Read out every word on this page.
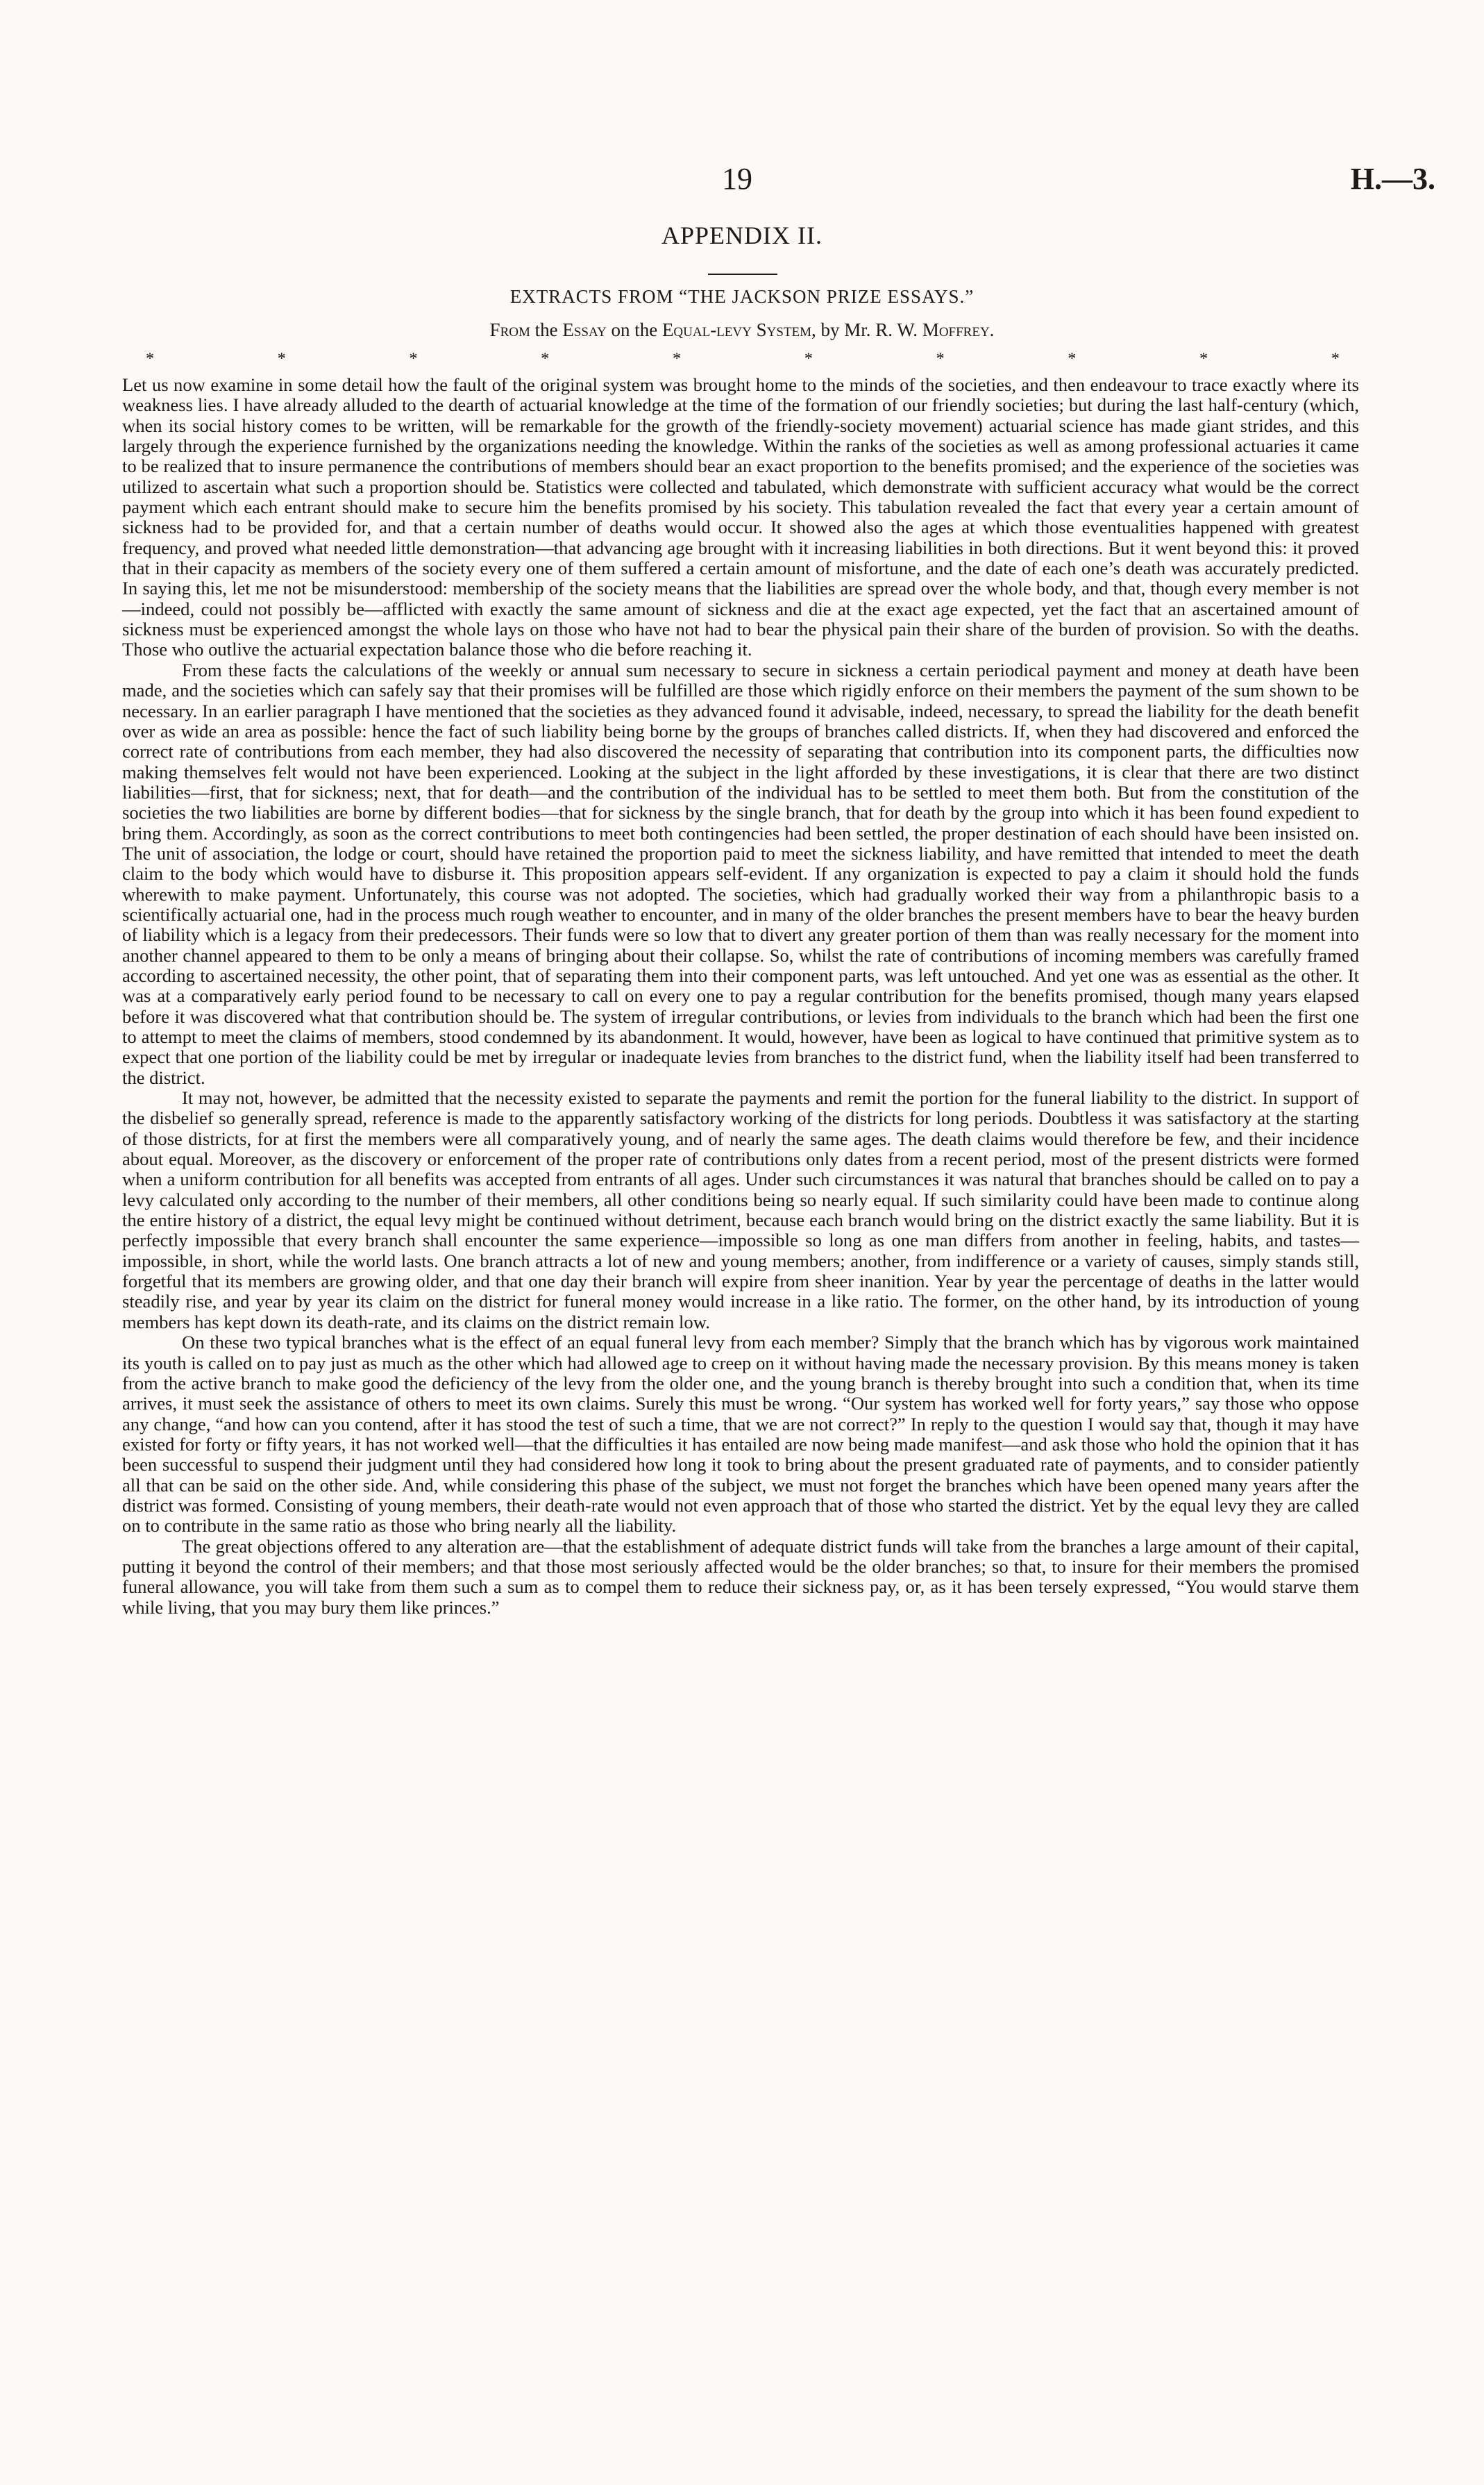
19	H.—3.
APPENDIX II.
EXTRACTS FROM “THE JACKSON PRIZE ESSAYS.”
From the Essay on the Equal-levy System, by Mr. R. W. Moffrey.
*	*	*	*	*	*	*	*	*	*

Let us now examine in some detail how the fault of the original system was brought home to the minds of the societies, and then endeavour to trace exactly where its weakness lies. I have already alluded to the dearth of actuarial knowledge at the time of the formation of our friendly societies; but during the last half-century (which, when its social history comes to be written, will be remarkable for the growth of the friendly-society movement) actuarial science has made giant strides, and this largely through the experience furnished by the organizations needing the knowledge. Within the ranks of the societies as well as among professional actuaries it came to be realized that to insure permanence the contributions of members should bear an exact proportion to the benefits promised; and the experience of the societies was utilized to ascertain what such a proportion should be. Statistics were collected and tabulated, which demonstrate with sufficient accuracy what would be the correct payment which each entrant should make to secure him the benefits promised by his society. This tabulation revealed the fact that every year a certain amount of sickness had to be provided for, and that a certain number of deaths would occur. It showed also the ages at which those eventualities happened with greatest frequency, and proved what needed little demonstration—that advancing age brought with it increasing liabilities in both directions. But it went beyond this: it proved that in their capacity as members of the society every one of them suffered a certain amount of misfortune, and the date of each one’s death was accurately predicted. In saying this, let me not be misunderstood: membership of the society means that the liabilities are spread over the whole body, and that, though every member is not—indeed, could not possibly be—afflicted with exactly the same amount of sickness and die at the exact age expected, yet the fact that an ascertained amount of sickness must be experienced amongst the whole lays on those who have not had to bear the physical pain their share of the burden of provision. So with the deaths. Those who outlive the actuarial expectation balance those who die before reaching it.

From these facts the calculations of the weekly or annual sum necessary to secure in sickness a certain periodical payment and money at death have been made, and the societies which can safely say that their promises will be fulfilled are those which rigidly enforce on their members the payment of the sum shown to be necessary. In an earlier paragraph I have mentioned that the societies as they advanced found it advisable, indeed, necessary, to spread the liability for the death benefit over as wide an area as possible: hence the fact of such liability being borne by the groups of branches called districts. If, when they had discovered and enforced the correct rate of contributions from each member, they had also discovered the necessity of separating that contribution into its component parts, the difficulties now making themselves felt would not have been experienced. Looking at the subject in the light afforded by these investigations, it is clear that there are two distinct liabilities—first, that for sickness; next, that for death—and the contribution of the individual has to be settled to meet them both. But from the constitution of the societies the two liabilities are borne by different bodies—that for sickness by the single branch, that for death by the group into which it has been found expedient to bring them. Accordingly, as soon as the correct contributions to meet both contingencies had been settled, the proper destination of each should have been insisted on. The unit of association, the lodge or court, should have retained the proportion paid to meet the sickness liability, and have remitted that intended to meet the death claim to the body which would have to disburse it. This proposition appears self-evident. If any organization is expected to pay a claim it should hold the funds wherewith to make payment. Unfortunately, this course was not adopted. The societies, which had gradually worked their way from a philanthropic basis to a scientifically actuarial one, had in the process much rough weather to encounter, and in many of the older branches the present members have to bear the heavy burden of liability which is a legacy from their predecessors. Their funds were so low that to divert any greater portion of them than was really necessary for the moment into another channel appeared to them to be only a means of bringing about their collapse. So, whilst the rate of contributions of incoming members was carefully framed according to ascertained necessity, the other point, that of separating them into their component parts, was left untouched. And yet one was as essential as the other. It was at a comparatively early period found to be necessary to call on every one to pay a regular contribution for the benefits promised, though many years elapsed before it was discovered what that contribution should be. The system of irregular contributions, or levies from individuals to the branch which had been the first one to attempt to meet the claims of members, stood condemned by its abandonment. It would, however, have been as logical to have continued that primitive system as to expect that one portion of the liability could be met by irregular or inadequate levies from branches to the district fund, when the liability itself had been transferred to the district.

It may not, however, be admitted that the necessity existed to separate the payments and remit the portion for the funeral liability to the district. In support of the disbelief so generally spread, reference is made to the apparently satisfactory working of the districts for long periods. Doubtless it was satisfactory at the starting of those districts, for at first the members were all comparatively young, and of nearly the same ages. The death claims would therefore be few, and their incidence about equal. Moreover, as the discovery or enforcement of the proper rate of contributions only dates from a recent period, most of the present districts were formed when a uniform contribution for all benefits was accepted from entrants of all ages. Under such circumstances it was natural that branches should be called on to pay a levy calculated only according to the number of their members, all other conditions being so nearly equal. If such similarity could have been made to continue along the entire history of a district, the equal levy might be continued without detriment, because each branch would bring on the district exactly the same liability. But it is perfectly impossible that every branch shall encounter the same experience—impossible so long as one man differs from another in feeling, habits, and tastes—impossible, in short, while the world lasts. One branch attracts a lot of new and young members; another, from indifference or a variety of causes, simply stands still, forgetful that its members are growing older, and that one day their branch will expire from sheer inanition. Year by year the percentage of deaths in the latter would steadily rise, and year by year its claim on the district for funeral money would increase in a like ratio. The former, on the other hand, by its introduction of young members has kept down its death-rate, and its claims on the district remain low.

On these two typical branches what is the effect of an equal funeral levy from each member? Simply that the branch which has by vigorous work maintained its youth is called on to pay just as much as the other which had allowed age to creep on it without having made the necessary provision. By this means money is taken from the active branch to make good the deficiency of the levy from the older one, and the young branch is thereby brought into such a condition that, when its time arrives, it must seek the assistance of others to meet its own claims. Surely this must be wrong. “Our system has worked well for forty years,” say those who oppose any change, “and how can you contend, after it has stood the test of such a time, that we are not correct?” In reply to the question I would say that, though it may have existed for forty or fifty years, it has not worked well—that the difficulties it has entailed are now being made manifest—and ask those who hold the opinion that it has been successful to suspend their judgment until they had considered how long it took to bring about the present graduated rate of payments, and to consider patiently all that can be said on the other side. And, while considering this phase of the subject, we must not forget the branches which have been opened many years after the district was formed. Consisting of young members, their death-rate would not even approach that of those who started the district. Yet by the equal levy they are called on to contribute in the same ratio as those who bring nearly all the liability.

The great objections offered to any alteration are—that the establishment of adequate district funds will take from the branches a large amount of their capital, putting it beyond the control of their members; and that those most seriously affected would be the older branches; so that, to insure for their members the promised funeral allowance, you will take from them such a sum as to compel them to reduce their sickness pay, or, as it has been tersely expressed, “You would starve them while living, that you may bury them like princes.”
